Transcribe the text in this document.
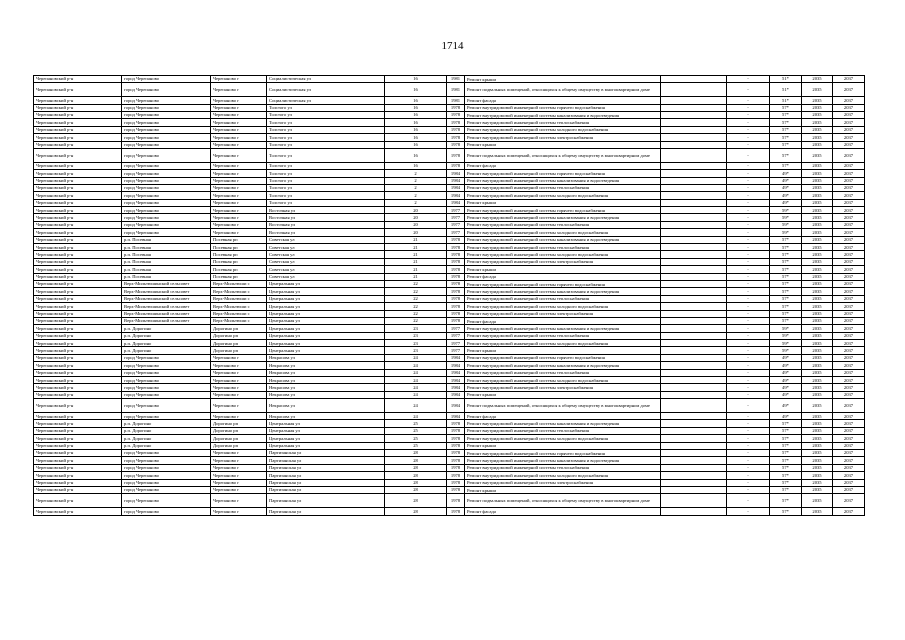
1714
Черепановский р-н	город Черепаново	Черепаново г	Социалистическая ул	16	1981	Ремонт крыши		-	51*	2035	2037
Черепановский р-н	город Черепаново	Черепаново г	Социалистическая ул	16	1981	Ремонт подвальных помещений, относящихся к общему имуществу в многоквартирном доме		-	51*	2035	2037
Черепановский р-н	город Черепаново	Черепаново г	Социалистическая ул	16	1981	Ремонт фасада		-	51*	2035	2037
Черепановский р-н	город Черепаново	Черепаново г	Толстого ул	16	1978	Ремонт внутридомовой инженерной системы горячего водоснабжения		-	57*	2035	2037
Черепановский р-н	город Черепаново	Черепаново г	Толстого ул	16	1978	Ремонт внутридомовой инженерной системы канализования и водоотведения		-	57*	2035	2037
Черепановский р-н	город Черепаново	Черепаново г	Толстого ул	16	1978	Ремонт внутридомовой инженерной системы теплоснабжения		-	57*	2035	2037
Черепановский р-н	город Черепаново	Черепаново г	Толстого ул	16	1978	Ремонт внутридомовой инженерной системы холодного водоснабжения		-	57*	2035	2037
Черепановский р-н	город Черепаново	Черепаново г	Толстого ул	16	1978	Ремонт внутридомовой инженерной системы электроснабжения		-	57*	2035	2037
Черепановский р-н	город Черепаново	Черепаново г	Толстого ул	16	1978	Ремонт крыши		-	57*	2035	2037
Черепановский р-н	город Черепаново	Черепаново г	Толстого ул	16	1978	Ремонт подвальных помещений, относящихся к общему имуществу в многоквартирном доме		-	57*	2035	2037
Черепановский р-н	город Черепаново	Черепаново г	Толстого ул	16	1978	Ремонт фасада		-	57*	2035	2037
Черепановский р-н	город Черепаново	Черепаново г	Толстого ул	2	1984	Ремонт внутридомовой инженерной системы горячего водоснабжения		-	49*	2035	2037
Черепановский р-н	город Черепаново	Черепаново г	Толстого ул	2	1984	Ремонт внутридомовой инженерной системы канализования и водоотведения		-	49*	2035	2037
Черепановский р-н	город Черепаново	Черепаново г	Толстого ул	2	1984	Ремонт внутридомовой инженерной системы теплоснабжения		-	49*	2035	2037
Черепановский р-н	город Черепаново	Черепаново г	Толстого ул	2	1984	Ремонт внутридомовой инженерной системы холодного водоснабжения		-	49*	2035	2037
Черепановский р-н	город Черепаново	Черепаново г	Толстого ул	2	1984	Ремонт крыши		-	49*	2035	2037
Черепановский р-н	город Черепаново	Черепаново г	Восточная ул	20	1977	Ремонт внутридомовой инженерной системы горячего водоснабжения		-	59*	2035	2037
Черепановский р-н	город Черепаново	Черепаново г	Восточная ул	20	1977	Ремонт внутридомовой инженерной системы канализования и водоотведения		-	59*	2035	2037
Черепановский р-н	город Черепаново	Черепаново г	Восточная ул	20	1977	Ремонт внутридомовой инженерной системы теплоснабжения		-	59*	2035	2037
Черепановский р-н	город Черепаново	Черепаново г	Восточная ул	20	1977	Ремонт внутридомовой инженерной системы холодного водоснабжения		-	59*	2035	2037
Черепановский р-н	р.п. Посевная	Посевная рп	Советская ул	21	1978	Ремонт внутридомовой инженерной системы канализования и водоотведения		-	57*	2035	2037
Черепановский р-н	р.п. Посевная	Посевная рп	Советская ул	21	1978	Ремонт внутридомовой инженерной системы теплоснабжения		-	57*	2035	2037
Черепановский р-н	р.п. Посевная	Посевная рп	Советская ул	21	1978	Ремонт внутридомовой инженерной системы холодного водоснабжения		-	57*	2035	2037
Черепановский р-н	р.п. Посевная	Посевная рп	Советская ул	21	1978	Ремонт внутридомовой инженерной системы электроснабжения		-	57*	2035	2037
Черепановский р-н	р.п. Посевная	Посевная рп	Советская ул	21	1978	Ремонт крыши		-	57*	2035	2037
Черепановский р-н	р.п. Посевная	Посевная рп	Советская ул	21	1978	Ремонт фасада		-	57*	2035	2037
Черепановский р-н	Верх-Мильтюшинский сельсовет	Верх-Мильтюши с	Центральная ул	22	1978	Ремонт внутридомовой инженерной системы горячего водоснабжения		-	57*	2035	2037
Черепановский р-н	Верх-Мильтюшинский сельсовет	Верх-Мильтюши с	Центральная ул	22	1978	Ремонт внутридомовой инженерной системы канализования и водоотведения		-	57*	2035	2037
Черепановский р-н	Верх-Мильтюшинский сельсовет	Верх-Мильтюши с	Центральная ул	22	1978	Ремонт внутридомовой инженерной системы теплоснабжения		-	57*	2035	2037
Черепановский р-н	Верх-Мильтюшинский сельсовет	Верх-Мильтюши с	Центральная ул	22	1978	Ремонт внутридомовой инженерной системы холодного водоснабжения		-	57*	2035	2037
Черепановский р-н	Верх-Мильтюшинский сельсовет	Верх-Мильтюши с	Центральная ул	22	1978	Ремонт внутридомовой инженерной системы электроснабжения		-	57*	2035	2037
Черепановский р-н	Верх-Мильтюшинский сельсовет	Верх-Мильтюши с	Центральная ул	22	1978	Ремонт фасада		-	57*	2035	2037
Черепановский р-н	р.п. Дорогино	Дорогино рп	Центральная ул	23	1977	Ремонт внутридомовой инженерной системы канализования и водоотведения		-	59*	2035	2037
Черепановский р-н	р.п. Дорогино	Дорогино рп	Центральная ул	23	1977	Ремонт внутридомовой инженерной системы теплоснабжения		-	59*	2035	2037
Черепановский р-н	р.п. Дорогино	Дорогино рп	Центральная ул	23	1977	Ремонт внутридомовой инженерной системы холодного водоснабжения		-	59*	2035	2037
Черепановский р-н	р.п. Дорогино	Дорогино рп	Центральная ул	23	1977	Ремонт крыши		-	59*	2035	2037
Черепановский р-н	город Черепаново	Черепаново г	Некрасова ул	24	1984	Ремонт внутридомовой инженерной системы горячего водоснабжения		-	49*	2035	2037
Черепановский р-н	город Черепаново	Черепаново г	Некрасова ул	24	1984	Ремонт внутридомовой инженерной системы канализования и водоотведения		-	49*	2035	2037
Черепановский р-н	город Черепаново	Черепаново г	Некрасова ул	24	1984	Ремонт внутридомовой инженерной системы теплоснабжения		-	49*	2035	2037
Черепановский р-н	город Черепаново	Черепаново г	Некрасова ул	24	1984	Ремонт внутридомовой инженерной системы холодного водоснабжения		-	49*	2035	2037
Черепановский р-н	город Черепаново	Черепаново г	Некрасова ул	24	1984	Ремонт внутридомовой инженерной системы электроснабжения		-	49*	2035	2037
Черепановский р-н	город Черепаново	Черепаново г	Некрасова ул	24	1984	Ремонт крыши		-	49*	2035	2037
Черепановский р-н	город Черепаново	Черепаново г	Некрасова ул	24	1984	Ремонт подвальных помещений, относящихся к общему имуществу в многоквартирном доме		-	49*	2035	2037
Черепановский р-н	город Черепаново	Черепаново г	Некрасова ул	24	1984	Ремонт фасада		-	49*	2035	2037
Черепановский р-н	р.п. Дорогино	Дорогино рп	Центральная ул	25	1978	Ремонт внутридомовой инженерной системы канализования и водоотведения		-	57*	2035	2037
Черепановский р-н	р.п. Дорогино	Дорогино рп	Центральная ул	25	1978	Ремонт внутридомовой инженерной системы теплоснабжения		-	57*	2035	2037
Черепановский р-н	р.п. Дорогино	Дорогино рп	Центральная ул	25	1978	Ремонт внутридомовой инженерной системы холодного водоснабжения		-	57*	2035	2037
Черепановский р-н	р.п. Дорогино	Дорогино рп	Центральная ул	25	1978	Ремонт крыши		-	57*	2035	2037
Черепановский р-н	город Черепаново	Черепаново г	Партизанская ул	28	1978	Ремонт внутридомовой инженерной системы горячего водоснабжения		-	57*	2035	2037
Черепановский р-н	город Черепаново	Черепаново г	Партизанская ул	28	1978	Ремонт внутридомовой инженерной системы канализования и водоотведения		-	57*	2035	2037
Черепановский р-н	город Черепаново	Черепаново г	Партизанская ул	28	1978	Ремонт внутридомовой инженерной системы теплоснабжения		-	57*	2035	2037
Черепановский р-н	город Черепаново	Черепаново г	Партизанская ул	28	1978	Ремонт внутридомовой инженерной системы холодного водоснабжения		-	57*	2035	2037
Черепановский р-н	город Черепаново	Черепаново г	Партизанская ул	28	1978	Ремонт внутридомовой инженерной системы электроснабжения		-	57*	2035	2037
Черепановский р-н	город Черепаново	Черепаново г	Партизанская ул	28	1978	Ремонт крыши		-	57*	2035	2037
Черепановский р-н	город Черепаново	Черепаново г	Партизанская ул	28	1978	Ремонт подвальных помещений, относящихся к общему имуществу в многоквартирном доме		-	57*	2035	2037
Черепановский р-н	город Черепаново	Черепаново г	Партизанская ул	28	1978	Ремонт фасада		-	57*	2035	2037
